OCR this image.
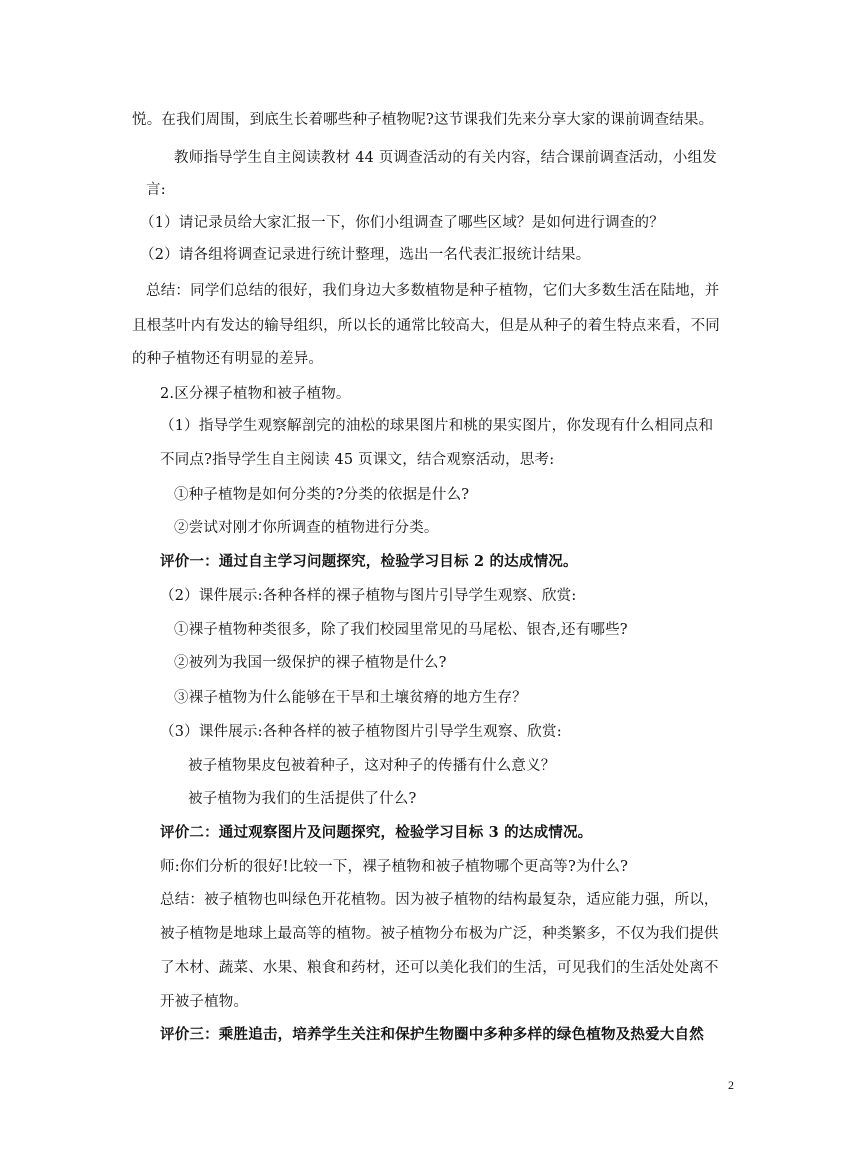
悦。在我们周围，到底生长着哪些种子植物呢?这节课我们先来分享大家的课前调查结果。
教师指导学生自主阅读教材 44 页调查活动的有关内容，结合课前调查活动，小组发
言:
（1）请记录员给大家汇报一下，你们小组调查了哪些区域？是如何进行调查的？
（2）请各组将调查记录进行统计整理，选出一名代表汇报统计结果。
总结：同学们总结的很好，我们身边大多数植物是种子植物，它们大多数生活在陆地，并
且根茎叶内有发达的输导组织，所以长的通常比较高大，但是从种子的着生特点来看，不同
的种子植物还有明显的差异。
2.区分裸子植物和被子植物。
（1）指导学生观察解剖完的油松的球果图片和桃的果实图片，你发现有什么相同点和
不同点?指导学生自主阅读 45 页课文，结合观察活动，思考:
①种子植物是如何分类的?分类的依据是什么?
②尝试对刚才你所调查的植物进行分类。
评价一：通过自主学习问题探究，检验学习目标 2 的达成情况。
（2）课件展示:各种各样的裸子植物与图片引导学生观察、欣赏:
①裸子植物种类很多，除了我们校园里常见的马尾松、银杏,还有哪些?
②被列为我国一级保护的裸子植物是什么?
③裸子植物为什么能够在干旱和土壤贫瘠的地方生存？
（3）课件展示:各种各样的被子植物图片引导学生观察、欣赏:
被子植物果皮包被着种子，这对种子的传播有什么意义？
被子植物为我们的生活提供了什么?
评价二：通过观察图片及问题探究，检验学习目标 3 的达成情况。
师:你们分析的很好!比较一下，裸子植物和被子植物哪个更高等?为什么?
总结：被子植物也叫绿色开花植物。因为被子植物的结构最复杂，适应能力强，所以，
被子植物是地球上最高等的植物。被子植物分布极为广泛，种类繁多，不仅为我们提供
了木材、蔬菜、水果、粮食和药材，还可以美化我们的生活，可见我们的生活处处离不
开被子植物。
评价三：乘胜追击，培养学生关注和保护生物圈中多种多样的绿色植物及热爱大自然
2
